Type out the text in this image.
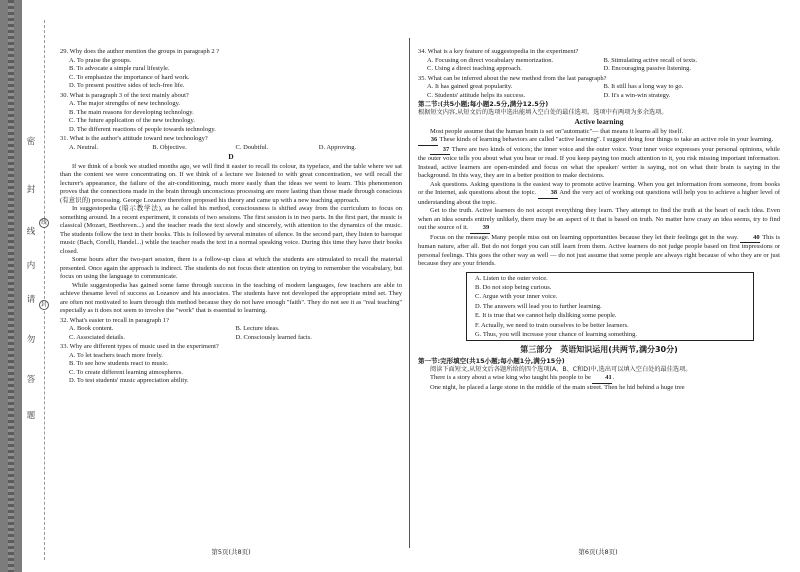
密
封
线
内
请
勿
答
题
线
封
29. Why does the author mention the groups in paragraph 2 ?
A. To praise the groups.
B. To advocate a simple rural lifestyle.
C. To emphasize the importance of hard work.
D. To present positive sides of tech-free life.
30. What is paragraph 3 of the text mainly about?
A. The major strengths of new technology.
B. The main reasons for developing technology.
C. The future application of the new technology.
D. The different reactions of people towards technology.
31. What is the author's attitude toward new technology?
A. Neutral.	B. Objective.	C. Doubtful.	D. Approving.
D
If we think of a book we studied months ago, we will find it easier to recall its colour, its typeface, and the table where we sat than the content we were concentrating on. If we think of a lecture we listened to with great concentration, we will recall the lecturer's appearance, the failure of the air-conditioning, much more easily than the ideas we went to learn. This phenomenon proves that the connections made in the brain through unconscious processing are more lasting than those made through conscious (有意识的) processing. George Lozanov therefore proposed his theory and came up with a new teaching approach.
In suggestopedia (暗示教学法), as he called his method, consciousness is shifted away from the curriculum to focus on something around. In a recent experiment, it consists of two sessions. The first session is in two parts. In the first part, the music is classical (Mozart, Beethoven...) and the teacher reads the text slowly and sincerely, with attention to the dynamics of the music. The students follow the text in their books. This is followed by several minutes of silence. In the second part, they listen to baroque music (Bach, Corelli, Handel...) while the teacher reads the text in a normal speaking voice. During this time they have their books closed.
Some hours after the two-part session, there is a follow-up class at which the students are stimulated to recall the material presented. Once again the approach is indirect. The students do not focus their attention on trying to remember the vocabulary, but focus on using the language to communicate.
While suggestopedia has gained some fame through success in the teaching of modern languages, few teachers are able to achieve thesame level of success as Lozanov and his associates. The students have not developed the appropriate mind set. They are often not motivated to learn through this method because they do not have enough "faith". They do not see it as "real teaching" especially as it does not seem to involve the "work" that is essential to learning.
32. What's easier to recall in paragraph 1?
A. Book content.	B. Lecture ideas.
C. Associated details.	D. Consciously learned facts.
33. Why are different types of music used in the experiment?
A. To let teachers teach more freely.
B. To see how students react to music.
C. To create different learning atmospheres.
D. To test students' music appreciation ability.
34. What is a key feature of suggestopedia in the experiment?
A. Focusing on direct vocabulary memorization.	B. Stimulating active recall of texts.
C. Using a direct teaching approach.	D. Encouraging passive listening.
35. What can be inferred about the new method from the last paragraph?
A. It has gained great popularity.	B. It still has a long way to go.
C. Students' attitude helps its success.	D. It's a win-win strategy.
第二节:(共5小题;每小题2.5分,满分12.5分)
根据短文内容,从短文后的选项中选出能填入空白处的最佳选项。选项中有两项为多余选项。
Active learning
Most people assume that the human brain is set on"automatic"— that means it learns all by itself.
36 These kinds of learning behaviors are called "active learning". I suggest doing four things to take an active role in your learning.
37 There are two kinds of voices; the inner voice and the outer voice. Your inner voice expresses your personal opinions, while the outer voice tells you about what you hear or read. If you keep paying too much attention to it, you risk missing important information. Instead, active learners are open-minded and focus on what the speaker/ writer is saying, not on what their brain is saying in the background. In this way, they are in a better position to make decisions.
Ask questions. Asking questions is the easiest way to promote active learning. When you get information from someone, from books or the Internet, ask questions about the topic. 38 And the very act of working out questions will help you to achieve a higher level of understanding about the topic.
Get to the truth. Active learners do not accept everything they learn. They attempt to find the truth at the heart of each idea. Even when an idea sounds entirely unlikely, there may be an aspect of it that is based on truth. No matter how crazy an idea seems, try to find out the source of it. 39
Focus on the message. Many people miss out on learning opportunities because they let their feelings get in the way. 40 This is human nature, after all. But do not forget you can still learn from them. Active learners do not judge people based on first impressions or personal feelings. This goes the other way as well — do not just assume that some people are always right because of who they are or just because they are your friends.
A. Listen to the outer voice.
B. Do not stop being curious.
C. Argue with your inner voice.
D. The answers will lead you to further learning.
E. It is true that we cannot help disliking some people.
F. Actually, we need to train ourselves to be better learners.
G. Thus, you will increase your chance of learning something.
第三部分　英语知识运用(共两节,满分30分)
第一节:完形填空(共15小题;每小题1分,满分15分)
阅读下面短文,从短文后各题所给的四个选项(A、B、C和D)中,选出可以填入空白处的最佳选项。
There is a story about a wise king who taught his people to be 41.
One night, he placed a large stone in the middle of the main street. Then he hid behind a huge tree
第5页(共8页)	第6页(共8页)
